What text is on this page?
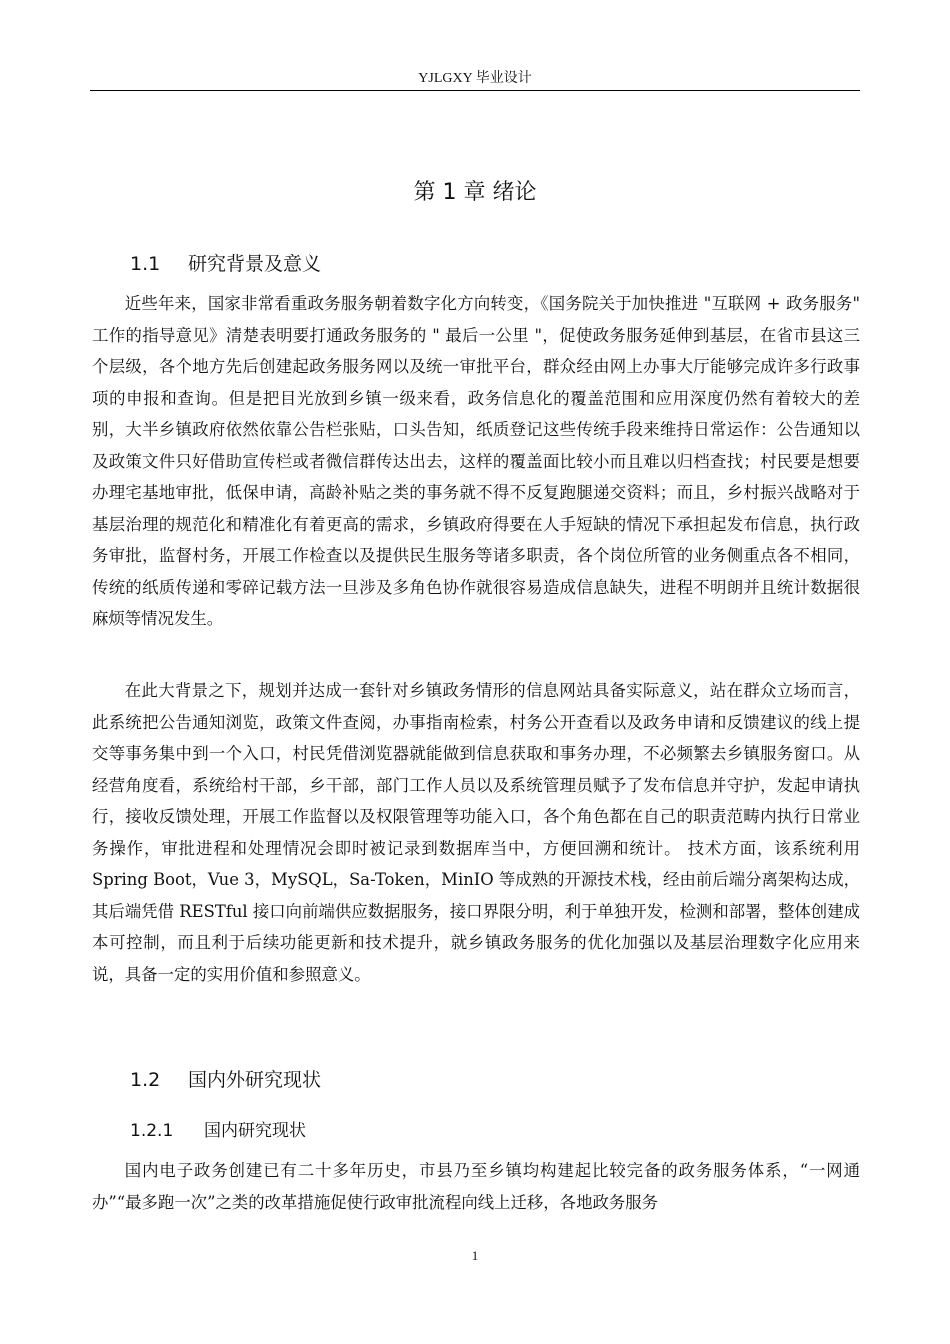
YJLGXY 毕业设计
第 1 章 绪论
1.1 研究背景及意义

近些年来，国家非常看重政务服务朝着数字化方向转变，《国务院关于加快推进 "互联网 + 政务服务" 工作的指导意见》清楚表明要打通政务服务的 " 最后一公里 "，促使政务服务延伸到基层，在省市县这三个层级，各个地方先后创建起政务服务网以及统一审批平台，群众经由网上办事大厅能够完成许多行政事项的申报和查询。但是把目光放到乡镇一级来看，政务信息化的覆盖范围和应用深度仍然有着较大的差别，大半乡镇政府依然依靠公告栏张贴，口头告知，纸质登记这些传统手段来维持日常运作：公告通知以及政策文件只好借助宣传栏或者微信群传达出去，这样的覆盖面比较小而且难以归档查找；村民要是想要办理宅基地审批，低保申请，高龄补贴之类的事务就不得不反复跑腿递交资料；而且，乡村振兴战略对于基层治理的规范化和精准化有着更高的需求，乡镇政府得要在人手短缺的情况下承担起发布信息，执行政务审批，监督村务，开展工作检查以及提供民生服务等诸多职责，各个岗位所管的业务侧重点各不相同，传统的纸质传递和零碎记载方法一旦涉及多角色协作就很容易造成信息缺失，进程不明朗并且统计数据很麻烦等情况发生。

在此大背景之下，规划并达成一套针对乡镇政务情形的信息网站具备实际意义，站在群众立场而言，此系统把公告通知浏览，政策文件查阅，办事指南检索，村务公开查看以及政务申请和反馈建议的线上提交等事务集中到一个入口，村民凭借浏览器就能做到信息获取和事务办理，不必频繁去乡镇服务窗口。从经营角度看，系统给村干部，乡干部，部门工作人员以及系统管理员赋予了发布信息并守护，发起申请执行，接收反馈处理，开展工作监督以及权限管理等功能入口，各个角色都在自己的职责范畴内执行日常业务操作，审批进程和处理情况会即时被记录到数据库当中，方便回溯和统计。 技术方面，该系统利用 Spring Boot，Vue 3，MySQL，Sa-Token，MinIO 等成熟的开源技术栈，经由前后端分离架构达成，其后端凭借 RESTful 接口向前端供应数据服务，接口界限分明，利于单独开发，检测和部署，整体创建成本可控制，而且利于后续功能更新和技术提升，就乡镇政务服务的优化加强以及基层治理数字化应用来说，具备一定的实用价值和参照意义。

1.2 国内外研究现状
1.2.1 国内研究现状

国内电子政务创建已有二十多年历史，市县乃至乡镇均构建起比较完备的政务服务体系，“一网通办”“最多跑一次”之类的改革措施促使行政审批流程向线上迁移，各地政务服务

1
